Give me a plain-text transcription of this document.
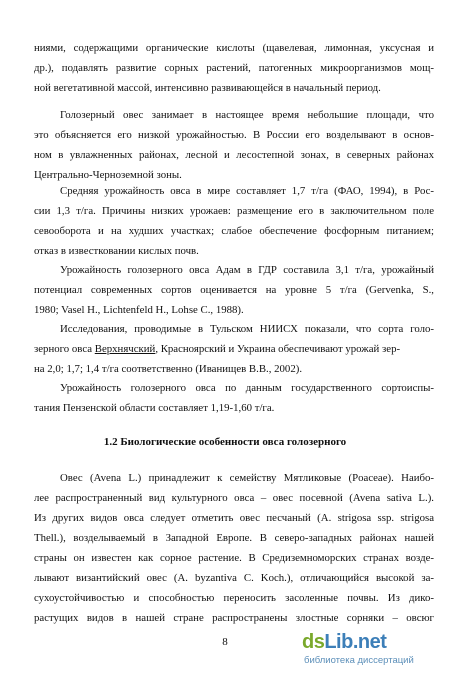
ниями, содержащими органические кислоты (щавелевая, лимонная, уксусная и
др.), подавлять развитие сорных растений, патогенных микроорганизмов мощ-
ной вегетативной массой, интенсивно развивающейся в начальный период.
Голозерный овес занимает в настоящее время небольшие площади, что
это объясняется его низкой урожайностью. В России его возделывают в основ-
ном в увлажненных районах, лесной и лесостепной зонах, в северных районах
Центрально-Черноземной зоны.
Средняя урожайность овса в мире составляет 1,7 т/га (ФАО, 1994), в Рос-
сии 1,3 т/га. Причины низких урожаев: размещение его в заключительном поле
севооборота и на худших участках; слабое обеспечение фосфорным питанием;
отказ в известковании кислых почв.
Урожайность голозерного овса Адам в ГДР составила 3,1 т/га, урожайный
потенциал современных сортов оценивается на уровне 5 т/га (Gervenka, S.,
1980; Vasel H., Lichtenfeld H., Lohse C., 1988).
Исследования, проводимые в Тульском НИИСХ показали, что сорта голо-
зерного овса Верхнячский, Красноярский и Украина обеспечивают урожай зер-
на 2,0; 1,7; 1,4 т/га соответственно (Иванищев В.В., 2002).
Урожайность голозерного овса по данным государственного сортоиспы-
тания Пензенской области составляет 1,19-1,60 т/га.
1.2 Биологические особенности овса голозерного
Овес (Avena L.) принадлежит к семейству Мятликовые (Poaceae). Наибо-
лее распространенный вид культурного овса – овес посевной (Avena sativa L.).
Из других видов овса следует отметить овес песчаный (A. strigosa ssp. strigosa
Thell.), возделываемый в Западной Европе. В северо-западных районах нашей
страны он известен как сорное растение. В Средиземноморских странах возде-
лывают византийский овес (A. byzantiva C. Koch.), отличающийся высокой за-
сухоустойчивостью и способностью переносить засоленные почвы. Из дико-
растущих видов в нашей стране распространены злостные сорняки – овсюг
8	dsLib.net
библиотека диссертаций
